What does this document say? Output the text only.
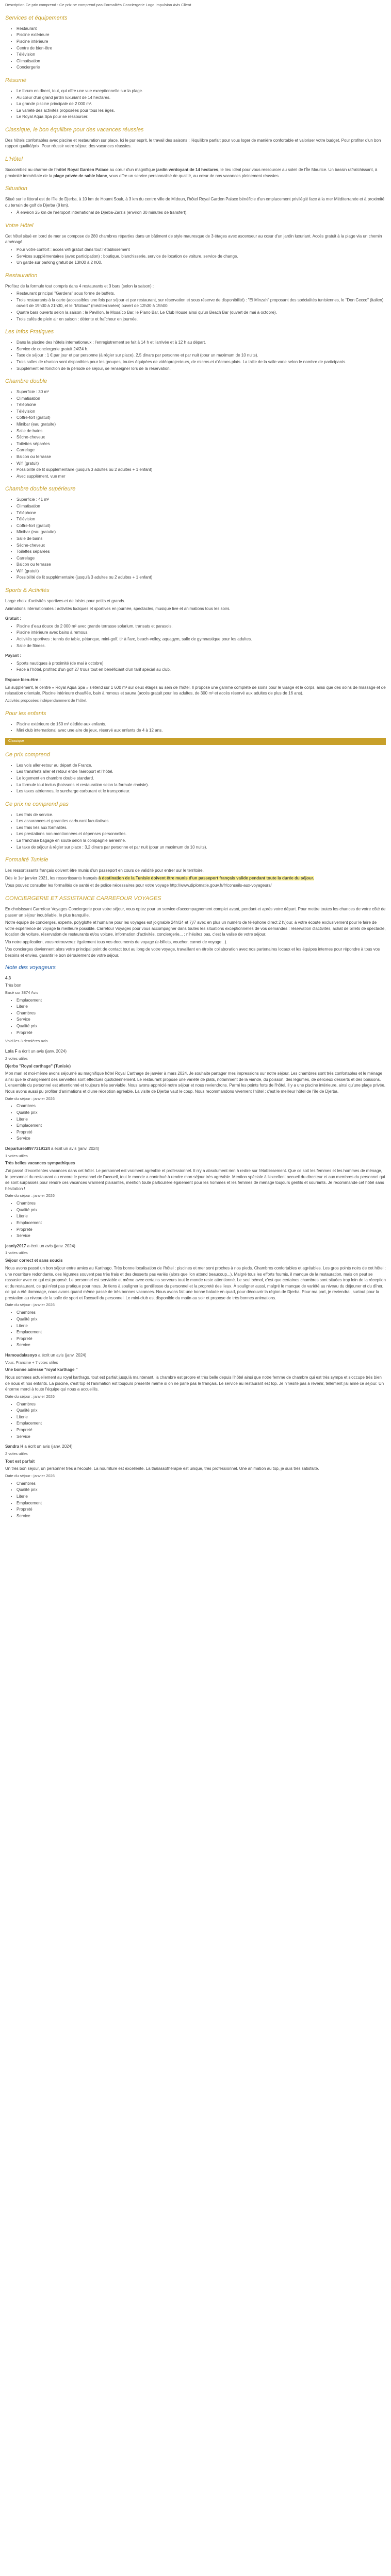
Description Ce prix comprend : Ce prix ne comprend pas Formalités Conciergerie Logo Impulsion Avis Client

Services et équipements
• Restaurant
• Piscine extérieure
• Piscine intérieure
• Centre de bien-être
• Télévision
• Climatisation
• Conciergerie
Résumé
• Le forum en direct, tout, qui offre une vue exceptionnelle sur la plage.
• Au cœur d'un grand jardin luxuriant de 14 hectares.
• La grande piscine principale de 2 000 m².
• La variété des activités proposées pour tous les âges.
• Le Royal Aqua Spa pour se ressourcer.
Classique, le bon équilibre pour des vacances réussies

Des hôtels confortables avec piscine et restauration sur place. Ici le pur esprit, le travail des saisons ; l'équilibre parfait pour vous loger de manière confortable et valoriser votre budget. Pour profiter d'un bon rapport qualité/prix. Pour réussir votre séjour, des vacances réussies.

L'Hôtel

Succombez au charme de l'hôtel Royal Garden Palace au cœur d'un magnifique jardin verdoyant de 14 hectares, le lieu idéal pour vous ressourcer au soleil de l'Île Maurice. Un bassin rafraîchissant, à proximité immédiate de la plage privée de sable blanc, vous offre un service personnalisé de qualité, au cœur de nos vacances pleinement réussies.

Situation

Situé sur le littoral est de l'île de Djerba, à 10 km de Houmt Souk, à 3 km du centre ville de Midoun, l'hôtel Royal Garden Palace bénéficie d'un emplacement privilégié face à la mer Méditerranée et à proximité du terrain de golf de Djerba (8 km).

• À environ 25 km de l'aéroport international de Djerba-Zarzis (environ 30 minutes de transfert).
Votre Hôtel

Cet hôtel situé en bord de mer se compose de 280 chambres réparties dans un bâtiment de style mauresque de 3 étages avec ascenseur au cœur d'un jardin luxuriant. Accès gratuit à la plage via un chemin aménagé.

• Pour votre confort : accès wifi gratuit dans tout l'établissement
• Services supplémentaires (avec participation) : boutique, blanchisserie, service de location de voiture, service de change.
• Un garde sur parking gratuit de 13h00 à 2 h00.
Restauration

Profitez de la formule tout compris dans 4 restaurants et 3 bars (selon la saison) :

• Restaurant principal "Gardens" sous forme de buffets.
• Trois restaurants à la carte (accessibles une fois par séjour et par restaurant, sur réservation et sous réserve de disponibilité) : "El Minzah" proposant des spécialités tunisiennes, le "Don Cecco" (italien) ouvert de 19h30 à 21h30, et le "Mizbaa" (méditerranéen) ouvert de 12h30 à 15h00.
• Quatre bars ouverts selon la saison : le Pavillon, le Mosaïco Bar, le Piano Bar, Le Club House ainsi qu'un Beach Bar (ouvert de mai à octobre).
• Trois cafés de plein air en saison : détente et fraîcheur en journée.
Les Infos Pratiques
• Dans la piscine des hôtels internationaux : l'enregistrement se fait à 14 h et l'arrivée et à 12 h au départ.
• Service de conciergerie gratuit 24/24 h.
• Taxe de séjour : 1 € par jour et par personne (à régler sur place). 2,5 dinars par personne et par nuit (pour un maximum de 10 nuits).
• Trois salles de réunion sont disponibles pour les groupes, toutes équipées de vidéoprojecteurs, de micros et d'écrans plats. La taille de la salle varie selon le nombre de participants.
• Supplément en fonction de la période de séjour, se renseigner lors de la réservation.
Chambre double
• Superficie : 30 m²
• Climatisation
• Téléphone
• Télévision
• Coffre-fort (gratuit)
• Minibar (eau gratuite)
• Salle de bains
• Sèche-cheveux
• Toilettes séparées
• Carrelage
• Balcon ou terrasse
• Wifi (gratuit)
• Possibilité de lit supplémentaire (jusqu'à 3 adultes ou 2 adultes + 1 enfant)
• Avec supplément, vue mer
Chambre double supérieure
• Superficie : 41 m²
• Climatisation
• Téléphone
• Télévision
• Coffre-fort (gratuit)
• Minibar (eau gratuite)
• Salle de bains
• Sèche-cheveux
• Toilettes séparées
• Carrelage
• Balcon ou terrasse
• Wifi (gratuit)
• Possibilité de lit supplémentaire (jusqu'à 3 adultes ou 2 adultes + 1 enfant)
Sports & Activités

Large choix d'activités sportives et de loisirs pour petits et grands.

Animations internationales : activités ludiques et sportives en journée, spectacles, musique live et animations tous les soirs.

Gratuit :

• Piscine d'eau douce de 2 000 m² avec grande terrasse solarium, transats et parasols.
• Piscine intérieure avec bains à remous.
• Activités sportives : tennis de table, pétanque, mini-golf, tir à l'arc, beach-volley, aquagym, salle de gymnastique pour les adultes.
• Salle de fitness.

Payant :

• Sports nautiques à proximité (de mai à octobre)
• Face à l'hôtel, profitez d'un golf 27 trous tout en bénéficiant d'un tarif spécial au club.

Espace bien-être :

En supplément, le centre « Royal Aqua Spa » s'étend sur 1 600 m² sur deux étages au sein de l'hôtel. Il propose une gamme complète de soins pour le visage et le corps, ainsi que des soins de massage et de relaxation orientale. Piscine intérieure chauffée, bain à remous et sauna (accès gratuit pour les adultes, de 300 m² et accès réservé aux adultes de plus de 16 ans).

Activités proposées indépendamment de l'hôtel.

Pour les enfants
• Piscine extérieure de 150 m² dédiée aux enfants.
• Mini club international avec une aire de jeux, réservé aux enfants de 4 à 12 ans.
Classique
Ce prix comprend
• Les vols aller-retour au départ de France.
• Les transferts aller et retour entre l'aéroport et l'hôtel.
• Le logement en chambre double standard.
• La formule tout inclus (boissons et restauration selon la formule choisie).
• Les taxes aériennes, le surcharge carburant et le transporteur.
Ce prix ne comprend pas
• Les frais de service.
• Les assurances et garanties carburant facultatives.
• Les frais liés aux formalités.
• Les prestations non mentionnées et dépenses personnelles.
• La franchise bagage en soute selon la compagnie aérienne.
• La taxe de séjour à régler sur place : 3,2 dinars par personne et par nuit (pour un maximum de 10 nuits).
Formalité Tunisie

Les ressortissants français doivent être munis d'un passeport en cours de validité pour entrer sur le territoire.

Dès le 1er janvier 2021, les ressortissants français à destination de la Tunisie doivent être munis d'un passeport français valide pendant toute la durée du séjour.

Vous pouvez consulter les formalités de santé et de police nécessaires pour votre voyage http://www.diplomatie.gouv.fr/fr/conseils-aux-voyageurs/

CONCIERGERIE ET ASSISTANCE CARREFOUR VOYAGES

En choisissant Carrefour Voyages Conciergerie pour votre séjour, vous optez pour un service d'accompagnement complet avant, pendant et après votre départ. Pour mettre toutes les chances de votre côté de passer un séjour inoubliable, le plus tranquille.

Notre équipe de concierges, experte, polyglotte et humaine pour les voyages est joignable 24h/24 et 7j/7 avec en plus un numéro de téléphone direct 2 h/jour, à votre écoute exclusivement pour le faire de votre expérience de voyage la meilleure possible. Carrefour Voyages pour vous accompagner dans toutes les situations exceptionnelles de vos demandes : réservation d'activités, achat de billets de spectacle, location de voiture, réservation de restaurants et/ou voiture, information d'activités, conciergerie... ; n'hésitez pas, c'est la valise de votre séjour.

Via notre application, vous retrouverez également tous vos documents de voyage (e-billets, voucher, carnet de voyage...).

Vos concierges deviennent alors votre principal point de contact tout au long de votre voyage, travaillant en étroite collaboration avec nos partenaires locaux et les équipes internes pour répondre à tous vos besoins et envies, garantir le bon déroulement de votre séjour.

Note des voyageurs

4,3

Très bon

Basé sur 3874 Avis

• Emplacement
• Literie
• Chambres
• Service
• Qualité prix
• Propreté

Voici les 3 dernières avis

Lola F a écrit un avis (janv. 2024)

2 votes utiles

Djerba "Royal carthage" (Tunisie)

Mon mari et moi-même avons séjourné au magnifique hôtel Royal Carthage de janvier à mars 2024. Je souhaite partager mes impressions sur notre séjour. Les chambres sont très confortables et le ménage ainsi que le changement des serviettes sont effectués quotidiennement. Le restaurant propose une variété de plats, notamment de la viande, du poisson, des légumes, de délicieux desserts et des boissons. L'ensemble du personnel est attentionné et toujours très serviable. Nous avons apprécié notre séjour et nous reviendrons. Parmi les points forts de l'hôtel, il y a une piscine intérieure, ainsi qu'une plage privée. Nous avons aussi pu profiter d'animations et d'une réception agréable. La visite de Djerba vaut le coup. Nous recommandons vivement l'hôtel ; c'est le meilleur hôtel de l'île de Djerba.

Date du séjour : janvier 2026

• Chambres
• Qualité prix
• Literie
• Emplacement
• Propreté
• Service

Departure58977319124 a écrit un avis (janv. 2024)

1 votes utiles

Très belles vacances sympathiques

J'ai passé d'excellentes vacances dans cet hôtel. Le personnel est vraiment agréable et professionnel. Il n'y a absolument rien à redire sur l'établissement. Que ce soit les femmes et les hommes de ménage, le personnel du restaurant ou encore le personnel de l'accueil, tout le monde a contribué à rendre mon séjour très agréable. Mention spéciale à l'excellent accueil du directeur et aux membres du personnel qui se sont surpassés pour rendre ces vacances vraiment plaisantes, mention toute particulière également pour les hommes et les femmes de ménage toujours gentils et souriants. Je recommande cet hôtel sans hésitation !

Date du séjour : janvier 2026

• Chambres
• Qualité prix
• Literie
• Emplacement
• Propreté
• Service

jeanly2017 a écrit un avis (janv. 2024)

1 votes utiles

Séjour correct et sans soucis

Nous avons passé un bon séjour entre amies au Karthago. Très bonne localisation de l'hôtel : piscines et mer sont proches à nos pieds. Chambres confortables et agréables. Les gros points noirs de cet hôtel : une nourriture redondante, des légumes souvent pas très frais et des desserts pas variés (alors que l'on attend beaucoup...). Malgré tous les efforts fournis, il manque de la restauration, mais on peut se rassasier avec ce qui est proposé. Le personnel est serviable et même avec certains serveurs tout le monde reste attentionné. Le seul bémol, c'est que certaines chambres sont situées trop loin de la réception et du restaurant, ce qui n'est pas pratique pour nous. Je tiens à souligner la gentillesse du personnel et la propreté des lieux. À souligner aussi, malgré le manque de variété au niveau du déjeuner et du dîner, ce qui a été dommage, nous avons quand même passé de très bonnes vacances. Nous avons fait une bonne balade en quad, pour découvrir la région de Djerba. Pour ma part, je reviendrai, surtout pour la prestation au niveau de la salle de sport et l'accueil du personnel. Le mini-club est disponible du matin au soir et propose de très bonnes animations.

Date du séjour : janvier 2026

• Chambres
• Qualité prix
• Literie
• Emplacement
• Propreté
• Service

Hamoudalasoyo a écrit un avis (janv. 2024)

Vous, Francine + 7 votes utiles

Une bonne adresse "royal karthage "

Nous sommes actuellement au royal karthago, tout est parfait jusqu'à maintenant, la chambre est propre et très belle depuis l'hôtel ainsi que notre femme de chambre qui est très sympa et s'occupe très bien de nous et nos enfants. La piscine, c'est top et l'animation est toujours présente même si on ne parle pas le français. Le service au restaurant est top. Je n'hésite pas à revenir, tellement j'ai aimé ce séjour. Un énorme merci à toute l'équipe qui nous a accueillis.

Date du séjour : janvier 2026

• Chambres
• Qualité prix
• Literie
• Emplacement
• Propreté
• Service

Sandra H a écrit un avis (janv. 2024)

2 votes utiles

Tout est parfait

Un très bon séjour, un personnel très à l'écoute. La nourriture est excellente. La thalassothérapie est unique, très professionnel. Une animation au top, je suis très satisfaite.

Date du séjour : janvier 2026

• Chambres
• Qualité prix
• Literie
• Emplacement
• Propreté
• Service
